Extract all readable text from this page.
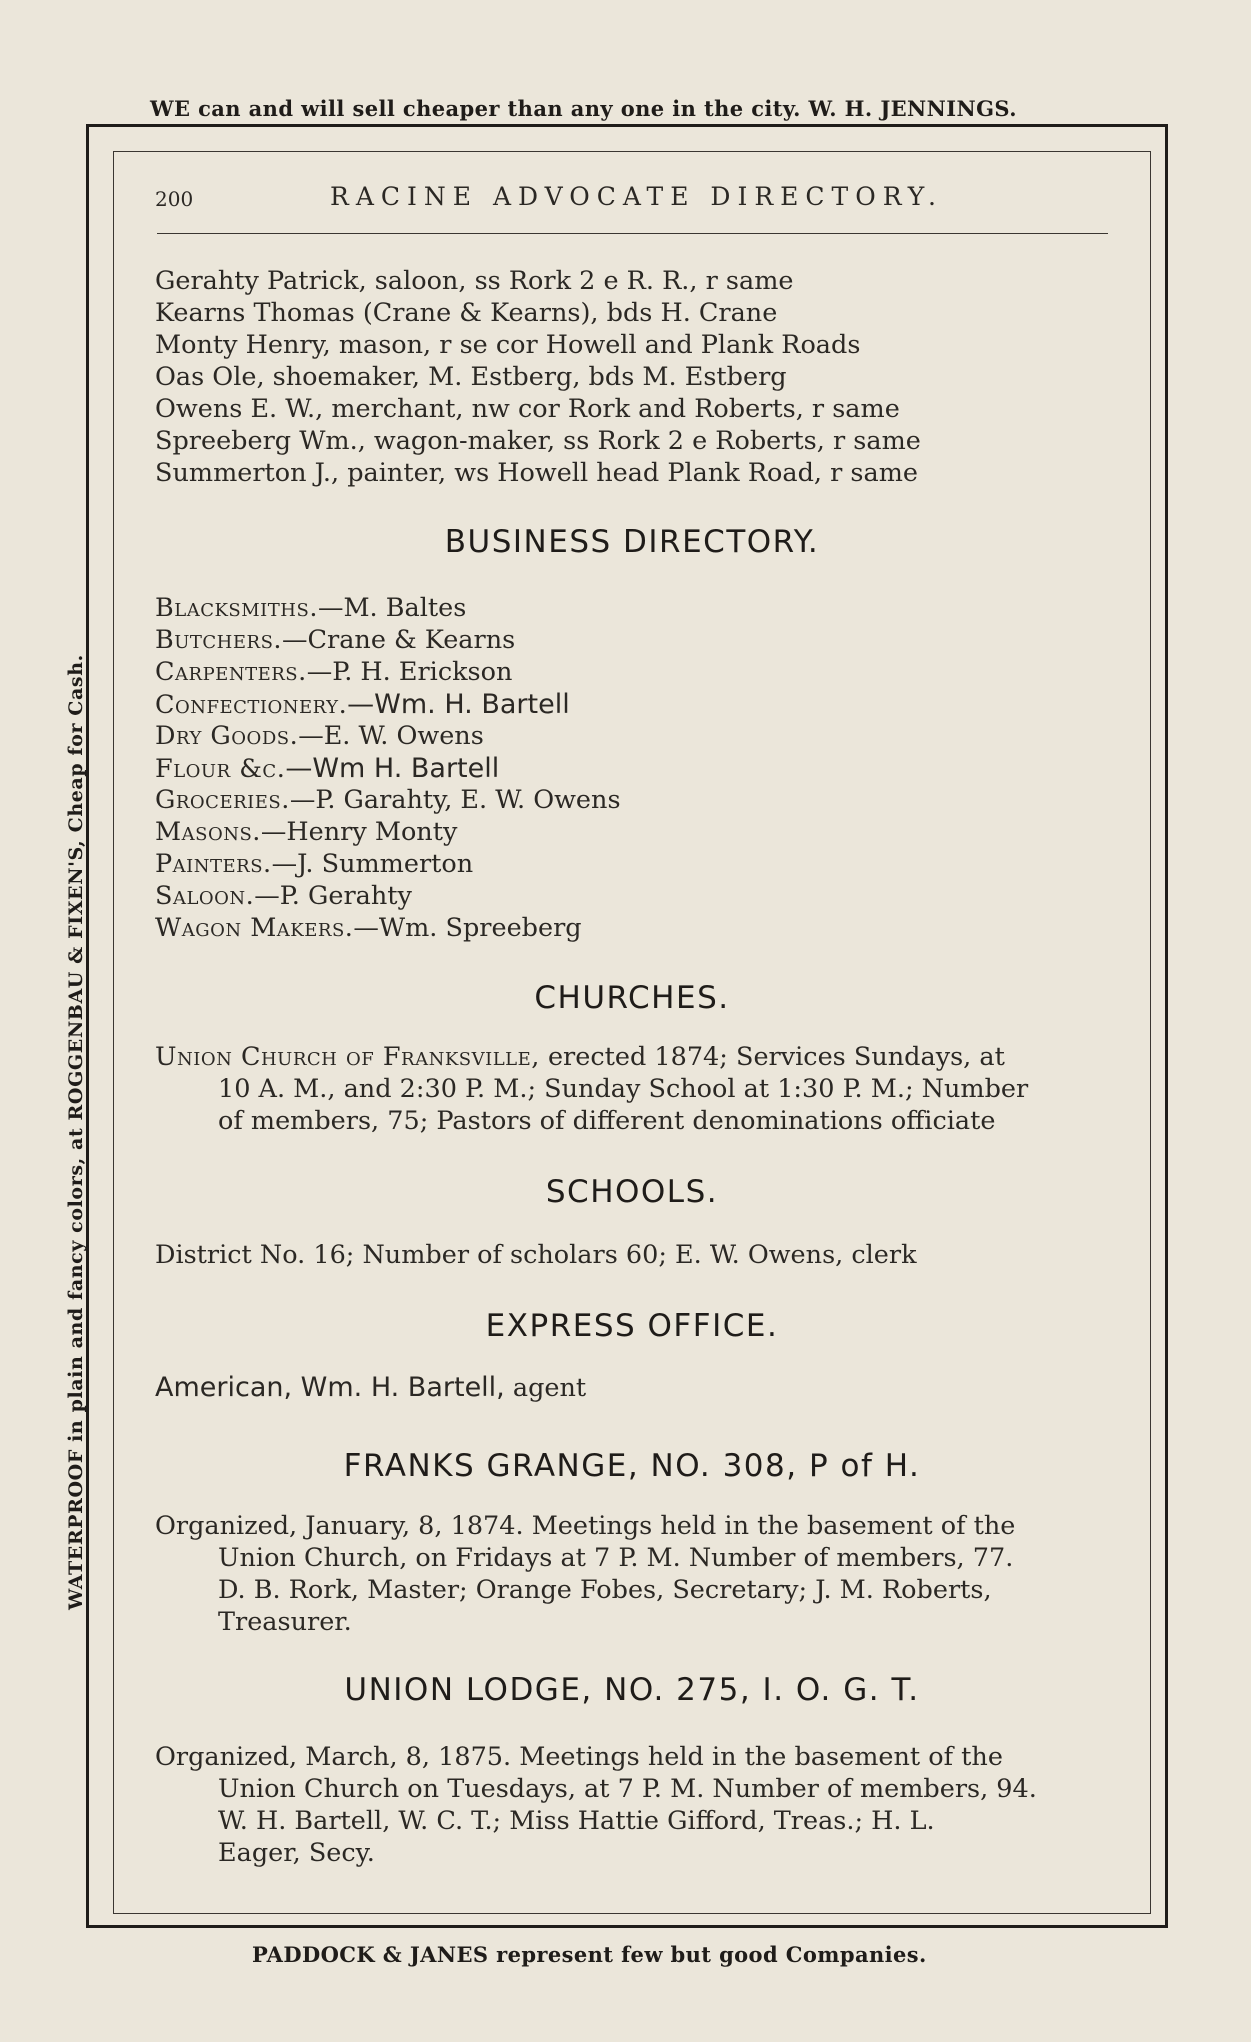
WE can and will sell cheaper than any one in the city. W. H. JENNINGS.
WATERPROOF in plain and fancy colors, at ROGGENBAU & FIXEN'S, Cheap for Cash.
PADDOCK & JANES represent few but good Companies.
200	RACINE ADVOCATE DIRECTORY.
Gerahty Patrick, saloon, ss Rork 2 e R. R., r same
Kearns Thomas (Crane & Kearns), bds H. Crane
Monty Henry, mason, r se cor Howell and Plank Roads
Oas Ole, shoemaker, M. Estberg, bds M. Estberg
Owens E. W., merchant, nw cor Rork and Roberts, r same
Spreeberg Wm., wagon-maker, ss Rork 2 e Roberts, r same
Summerton J., painter, ws Howell head Plank Road, r same
BUSINESS DIRECTORY.
Blacksmiths.—M. Baltes
Butchers.—Crane & Kearns
Carpenters.—P. H. Erickson
Confectionery.—Wm. H. Bartell
Dry Goods.—E. W. Owens
Flour &c.—Wm H. Bartell
Groceries.—P. Garahty, E. W. Owens
Masons.—Henry Monty
Painters.—J. Summerton
Saloon.—P. Gerahty
Wagon Makers.—Wm. Spreeberg
CHURCHES.
Union Church of Franksville, erected 1874; Services Sundays, at
10 A. M., and 2:30 P. M.; Sunday School at 1:30 P. M.; Number
of members, 75; Pastors of different denominations officiate
SCHOOLS.
District No. 16; Number of scholars 60; E. W. Owens, clerk
EXPRESS OFFICE.
American, Wm. H. Bartell, agent
FRANKS GRANGE, NO. 308, P of H.
Organized, January, 8, 1874. Meetings held in the basement of the
Union Church, on Fridays at 7 P. M. Number of members, 77.
D. B. Rork, Master; Orange Fobes, Secretary; J. M. Roberts,
Treasurer.
UNION LODGE, NO. 275, I. O. G. T.
Organized, March, 8, 1875. Meetings held in the basement of the
Union Church on Tuesdays, at 7 P. M. Number of members, 94.
W. H. Bartell, W. C. T.; Miss Hattie Gifford, Treas.; H. L.
Eager, Secy.
